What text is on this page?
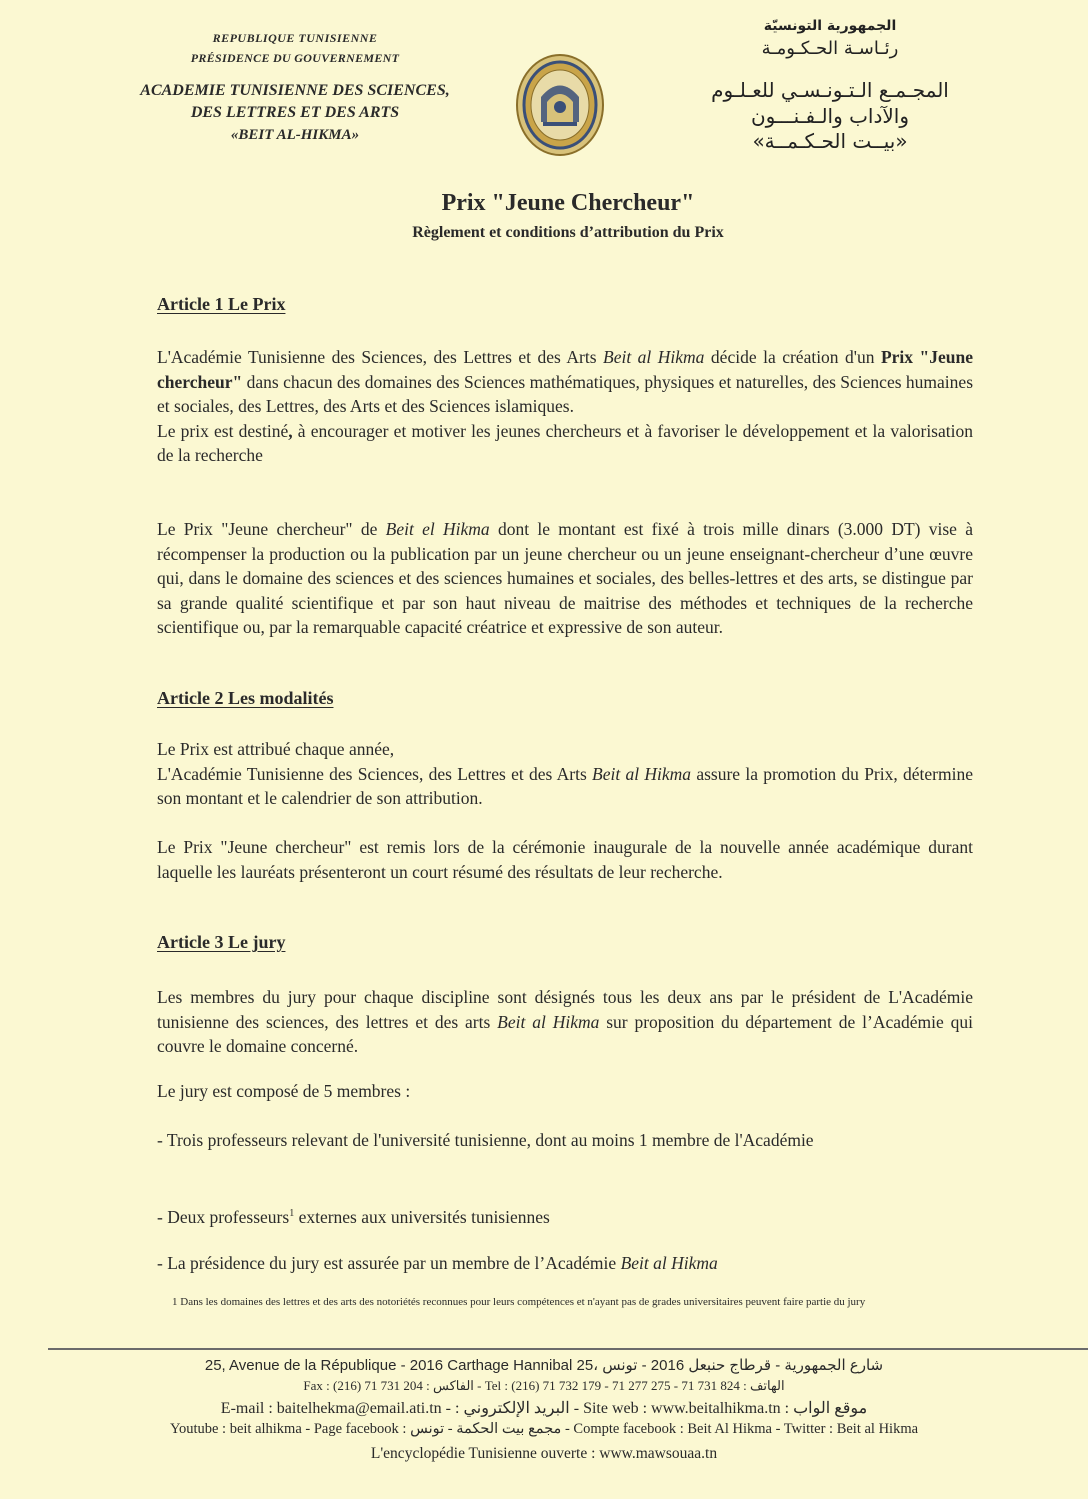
REPUBLIQUE TUNISIENNE
PRÉSIDENCE DU GOUVERNEMENT
ACADEMIE TUNISIENNE DES SCIENCES,
DES LETTRES ET DES ARTS
«BEIT AL-HIKMA»
الجمهورية التونسيّة
رئـاسـة الحـكـومـة
المجـمـع الـتـونـسـي للعـلـوم
والآداب والـفـنـــون
«بيــت الحـكـمــة»
Prix "Jeune Chercheur"
Règlement et conditions d’attribution du Prix
Article 1 Le Prix
L'Académie Tunisienne des Sciences, des Lettres et des Arts Beit al Hikma décide la création d'un Prix "Jeune chercheur" dans chacun des domaines des Sciences mathématiques, physiques et naturelles, des Sciences humaines et sociales, des Lettres, des Arts et des Sciences islamiques.
Le prix est destiné, à encourager et motiver les jeunes chercheurs et à favoriser le développement et la valorisation de la recherche
Le Prix "Jeune chercheur" de Beit el Hikma dont le montant est fixé à trois mille dinars (3.000 DT) vise à récompenser la production ou la publication par un jeune chercheur ou un jeune enseignant-chercheur d’une œuvre qui, dans le domaine des sciences et des sciences humaines et sociales, des belles-lettres et des arts, se distingue par sa grande qualité scientifique et par son haut niveau de maitrise des méthodes et techniques de la recherche scientifique ou, par la remarquable capacité créatrice et expressive de son auteur.
Article 2 Les modalités
Le Prix est attribué chaque année,
L'Académie Tunisienne des Sciences, des Lettres et des Arts Beit al Hikma assure la promotion du Prix, détermine son montant et le calendrier de son attribution.
Le Prix "Jeune chercheur" est remis lors de la cérémonie inaugurale de la nouvelle année académique durant laquelle les lauréats présenteront un court résumé des résultats de leur recherche.
Article 3 Le jury
Les membres du jury pour chaque discipline sont désignés tous les deux ans par le président de L'Académie tunisienne des sciences, des lettres et des arts Beit al Hikma sur proposition du département de l’Académie qui couvre le domaine concerné.
Le jury est composé de 5 membres :
- Trois professeurs relevant de l'université tunisienne, dont au moins 1 membre de l'Académie
- Deux professeurs$^1$ externes aux universités tunisiennes
- La présidence du jury est assurée par un membre de l’Académie Beit al Hikma
1 Dans les domaines des lettres et des arts des notoriétés reconnues pour leurs compétences et n'ayant pas de grades universitaires peuvent faire partie du jury
25, Avenue de la République - 2016 Carthage Hannibal 25، شارع الجمهورية - قرطاج حنبعل 2016 - تونس
Fax : (216) 71 731 204 : الفاكس - Tel : (216) 71 732 179 - 71 277 275 - 71 731 824 : الهاتف
E-mail : baitelhekma@email.ati.tn - : البريد الإلكتروني - Site web : www.beitalhikma.tn : موقع الواب
Youtube : beit alhikma - Page facebook : مجمع بيت الحكمة - تونس - Compte facebook : Beit Al Hikma - Twitter : Beit al Hikma
L'encyclopédie Tunisienne ouverte : www.mawsouaa.tn
